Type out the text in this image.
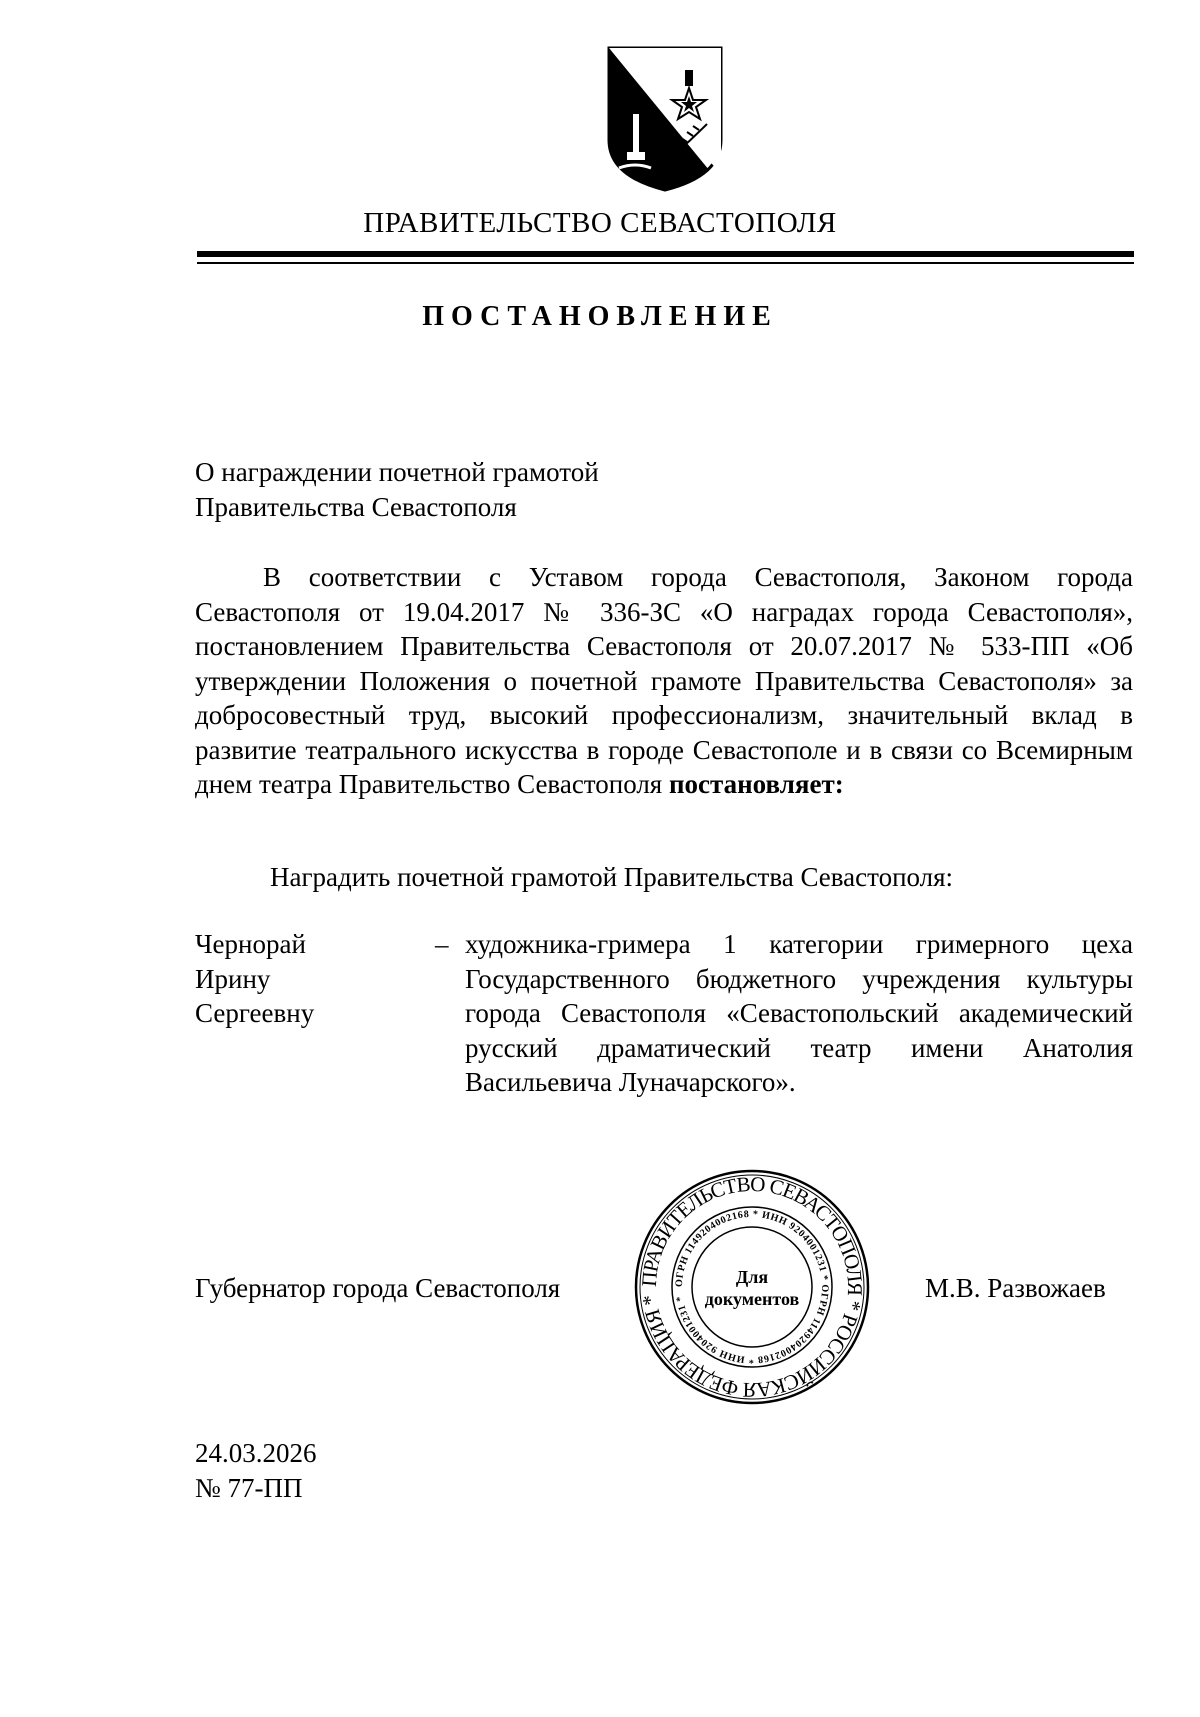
ПРАВИТЕЛЬСТВО СЕВАСТОПОЛЯ
ПОСТАНОВЛЕНИЕ
О награждении почетной грамотой
Правительства Севастополя
В соответствии с Уставом города Севастополя, Законом города Севастополя от 19.04.2017 № 336-ЗС «О наградах города Севастополя», постановлением Правительства Севастополя от 20.07.2017 № 533-ПП «Об утверждении Положения о почетной грамоте Правительства Севастополя» за добросовестный труд, высокий профессионализм, значительный вклад в развитие театрального искусства в городе Севастополе и в связи со Всемирным днем театра Правительство Севастополя постановляет:
Наградить почетной грамотой Правительства Севастополя:
Чернорай
Ирину
Сергеевну
– художника-гримера 1 категории гримерного цеха Государственного бюджетного учреждения культуры города Севастополя «Севастопольский академический русский драматический театр имени Анатолия Васильевича Луначарского».
Губернатор города Севастополя	ПРАВИТЕЛЬСТВО СЕВАСТОПОЛЯ * РОССИЙСКАЯ ФЕДЕРАЦИЯ *
ОГРН 1149204002168 * ИНН 9204001231 * ОГРН 1149204002168 * ИНН 9204001231 *
Для
документов	М.В. Развожаев
24.03.2026
№ 77-ПП
